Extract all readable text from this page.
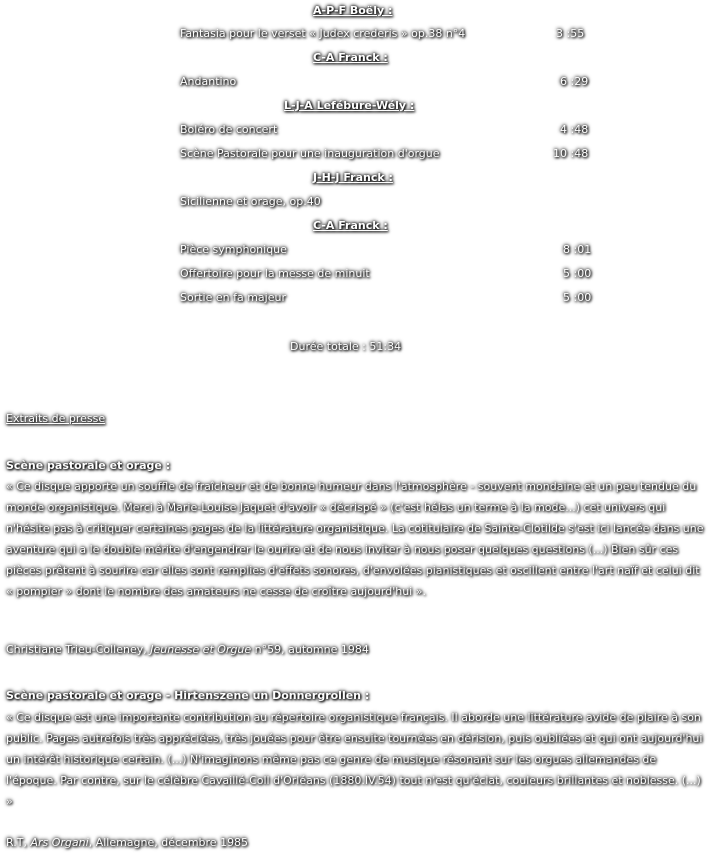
A-P-F Boëly :
Fantasia pour le verset « Judex crederis » op.38 n°4	3 :55
C-A Franck :
Andantino	6 :29
L-J-A Lefébure-Wély :
Boléro de concert	4 :48
Scène Pastorale pour une inauguration d'orgue	10 :48
J-H-J Franck :
Sicilienne et orage, op.40
C-A Franck :
Pièce symphonique	8 :01
Offertoire pour la messe de minuit	5 :00
Sortie en fa majeur	5 :00
Durée totale : 51:34
Extraits de presse
Scène pastorale et orage :
« Ce disque apporte un souffle de fraîcheur et de bonne humeur dans l'atmosphère - souvent mondaine et un peu tendue du monde organistique. Merci à Marie-Louise Jaquet d'avoir « décrispé » (c'est hélas un terme à la mode...) cet univers qui n'hésite pas à critiquer certaines pages de la littérature organistique. La cotitulaire de Sainte-Clotilde s'est ici lancée dans une aventure qui a le double mérite d'engendrer le ourire et de nous inviter à nous poser quelques questions (...) Bien sûr ces pièces prêtent à sourire car elles sont remplies d'effets sonores, d'envolées pianistiques et oscillent entre l'art naïf et celui dit « pompier » dont le nombre des amateurs ne cesse de croître aujourd'hui ».
Christiane Trieu-Colleney, Jeunesse et Orgue n°59, automne 1984
Scène pastorale et orage - Hirtenszene un Donnergrollen :
« Ce disque est une importante contribution au répertoire organistique français. Il aborde une littérature avide de plaire à son public. Pages autrefois très appréciées, très jouées pour être ensuite tournées en dérision, puis oubliées et qui ont aujourd'hui un intérêt historique certain. (...) N'imaginons même pas ce genre de musique résonant sur les orgues allemandes de l'époque. Par contre, sur le célèbre Cavaillé-Coll d'Orléans (1880.IV.54) tout n'est qu'éclat, couleurs brillantes et noblesse. (...) »
R.T, Ars Organi, Allemagne, décembre 1985
